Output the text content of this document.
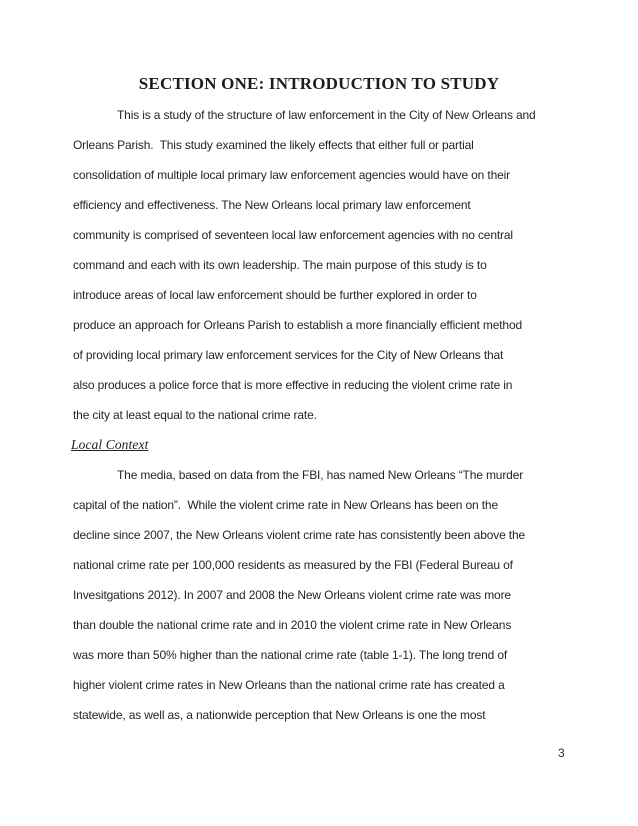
SECTION ONE: INTRODUCTION TO STUDY
This is a study of the structure of law enforcement in the City of New Orleans and
Orleans Parish.  This study examined the likely effects that either full or partial
consolidation of multiple local primary law enforcement agencies would have on their
efficiency and effectiveness. The New Orleans local primary law enforcement
community is comprised of seventeen local law enforcement agencies with no central
command and each with its own leadership. The main purpose of this study is to
introduce areas of local law enforcement should be further explored in order to
produce an approach for Orleans Parish to establish a more financially efficient method
of providing local primary law enforcement services for the City of New Orleans that
also produces a police force that is more effective in reducing the violent crime rate in
the city at least equal to the national crime rate.
Local Context
The media, based on data from the FBI, has named New Orleans “The murder
capital of the nation”.  While the violent crime rate in New Orleans has been on the
decline since 2007, the New Orleans violent crime rate has consistently been above the
national crime rate per 100,000 residents as measured by the FBI (Federal Bureau of
Invesitgations 2012). In 2007 and 2008 the New Orleans violent crime rate was more
than double the national crime rate and in 2010 the violent crime rate in New Orleans
was more than 50% higher than the national crime rate (table 1-1). The long trend of
higher violent crime rates in New Orleans than the national crime rate has created a
statewide, as well as, a nationwide perception that New Orleans is one the most
3
